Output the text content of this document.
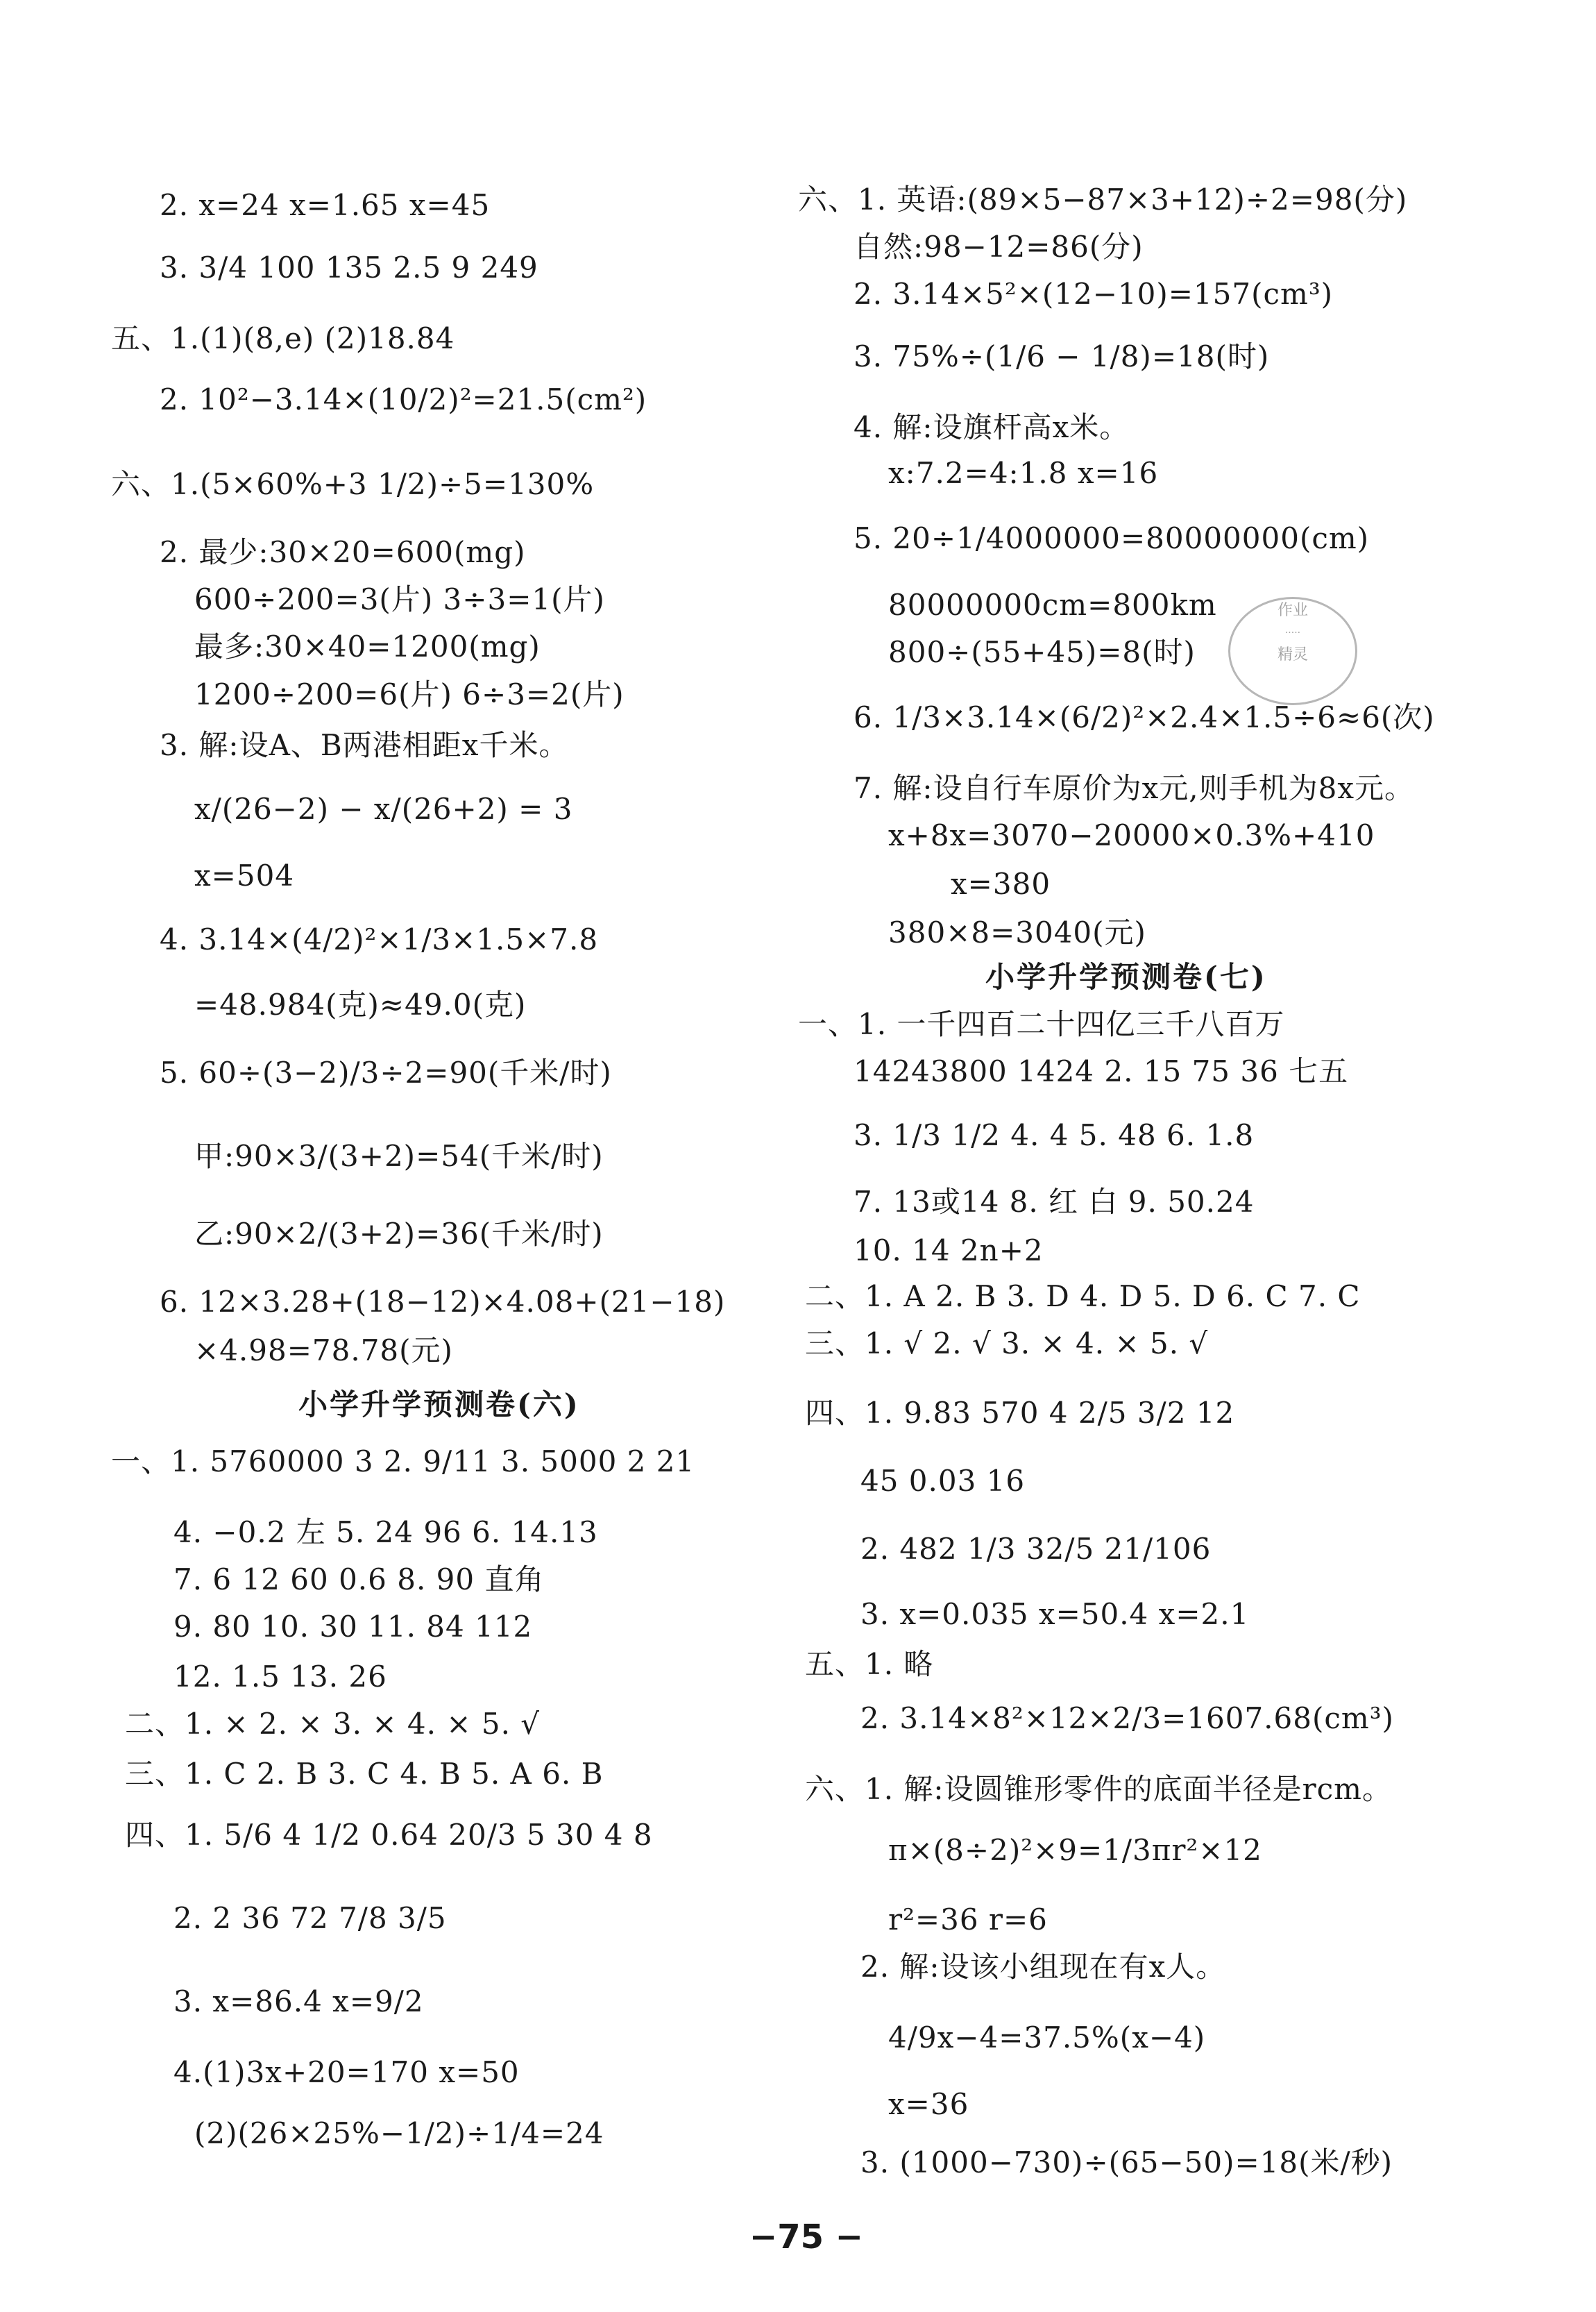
2. x=24 x=1.65 x=45
3. 3/4 100 135 2.5 9 249
五、1.(1)(8,e) (2)18.84
2. 10²−3.14×(10/2)²=21.5(cm²)
六、1.(5×60%+3 1/2)÷5=130%
2. 最少:30×20=600(mg)
600÷200=3(片) 3÷3=1(片)
最多:30×40=1200(mg)
1200÷200=6(片) 6÷3=2(片)
3. 解:设A、B两港相距x千米。
x/(26−2) − x/(26+2) = 3
x=504
4. 3.14×(4/2)²×1/3×1.5×7.8
=48.984(克)≈49.0(克)
5. 60÷(3−2)/3÷2=90(千米/时)
甲:90×3/(3+2)=54(千米/时)
乙:90×2/(3+2)=36(千米/时)
6. 12×3.28+(18−12)×4.08+(21−18)
×4.98=78.78(元)
小学升学预测卷(六)
一、1. 5760000 3 2. 9/11 3. 5000 2 21
4. −0.2 左 5. 24 96 6. 14.13
7. 6 12 60 0.6 8. 90 直角
9. 80 10. 30 11. 84 112
12. 1.5 13. 26
二、1. × 2. × 3. × 4. × 5. √
三、1. C 2. B 3. C 4. B 5. A 6. B
四、1. 5/6 4 1/2 0.64 20/3 5 30 4 8
2. 2 36 72 7/8 3/5
3. x=86.4 x=9/2
4.(1)3x+20=170 x=50
(2)(26×25%−1/2)÷1/4=24
六、1. 英语:(89×5−87×3+12)÷2=98(分)
自然:98−12=86(分)
2. 3.14×5²×(12−10)=157(cm³)
3. 75%÷(1/6 − 1/8)=18(时)
4. 解:设旗杆高x米。
x:7.2=4:1.8 x=16
5. 20÷1/4000000=80000000(cm)
80000000cm=800km
800÷(55+45)=8(时)
6. 1/3×3.14×(6/2)²×2.4×1.5÷6≈6(次)
7. 解:设自行车原价为x元,则手机为8x元。
x+8x=3070−20000×0.3%+410
x=380
380×8=3040(元)
小学升学预测卷(七)
一、1. 一千四百二十四亿三千八百万
14243800 1424 2. 15 75 36 七五
3. 1/3 1/2 4. 4 5. 48 6. 1.8
7. 13或14 8. 红 白 9. 50.24
10. 14 2n+2
二、1. A 2. B 3. D 4. D 5. D 6. C 7. C
三、1. √ 2. √ 3. × 4. × 5. √
四、1. 9.83 570 4 2/5 3/2 12
45 0.03 16
2. 482 1/3 32/5 21/106
3. x=0.035 x=50.4 x=2.1
五、1. 略
2. 3.14×8²×12×2/3=1607.68(cm³)
六、1. 解:设圆锥形零件的底面半径是rcm。
π×(8÷2)²×9=1/3πr²×12
r²=36 r=6
2. 解:设该小组现在有x人。
4/9x−4=37.5%(x−4)
x=36
3. (1000−730)÷(65−50)=18(米/秒)
作业
·····
精灵
−75 −
